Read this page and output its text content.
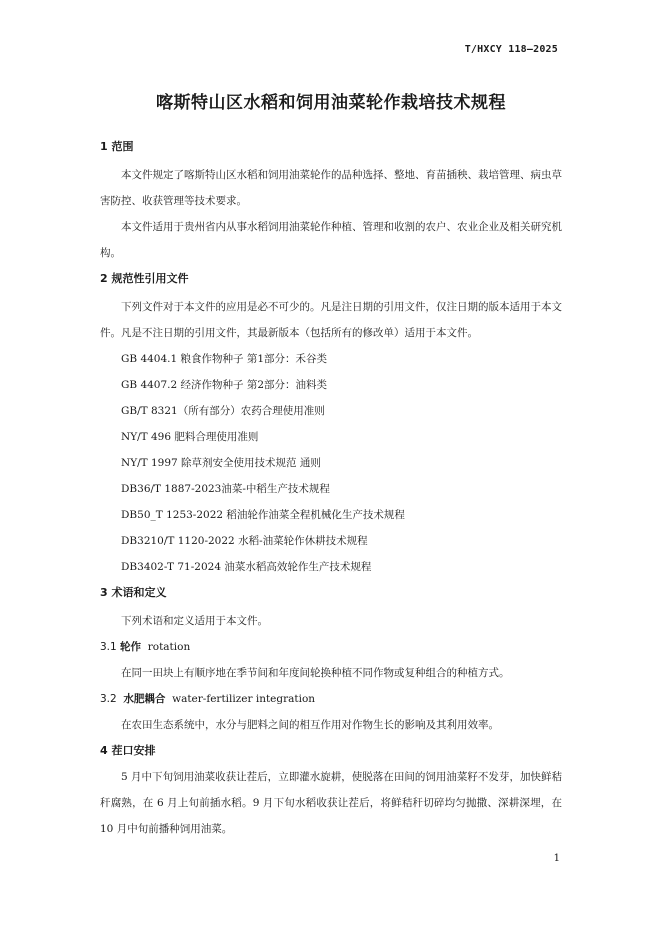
T/HXCY 118—2025
喀斯特山区水稻和饲用油菜轮作栽培技术规程
1 范围

本文件规定了喀斯特山区水稻和饲用油菜轮作的品种选择、整地、育苗插秧、栽培管理、病虫草害防控、收获管理等技术要求。

本文件适用于贵州省内从事水稻饲用油菜轮作种植、管理和收割的农户、农业企业及相关研究机构。

2 规范性引用文件

下列文件对于本文件的应用是必不可少的。凡是注日期的引用文件，仅注日期的版本适用于本文件。凡是不注日期的引用文件，其最新版本（包括所有的修改单）适用于本文件。

GB 4404.1 粮食作物种子 第1部分：禾谷类
GB 4407.2 经济作物种子 第2部分：油料类
GB/T 8321（所有部分）农药合理使用准则
NY/T 496 肥料合理使用准则
NY/T 1997 除草剂安全使用技术规范 通则
DB36/T 1887-2023油菜-中稻生产技术规程
DB50_T 1253-2022 稻油轮作油菜全程机械化生产技术规程
DB3210/T 1120-2022 水稻-油菜轮作休耕技术规程
DB3402-T 71-2024 油菜水稻高效轮作生产技术规程
3 术语和定义

下列术语和定义适用于本文件。

3.1 轮作 rotation

在同一田块上有顺序地在季节间和年度间轮换种植不同作物或复种组合的种植方式。

3.2 水肥耦合 water-fertilizer integration

在农田生态系统中，水分与肥料之间的相互作用对作物生长的影响及其利用效率。

4 茬口安排

5 月中下旬饲用油菜收获让茬后，立即灌水旋耕，使脱落在田间的饲用油菜籽不发芽，加快鲜秸秆腐熟，在 6 月上旬前插水稻。9 月下旬水稻收获让茬后，将鲜秸秆切碎均匀抛撒、深耕深埋，在 10 月中旬前播种饲用油菜。

1
